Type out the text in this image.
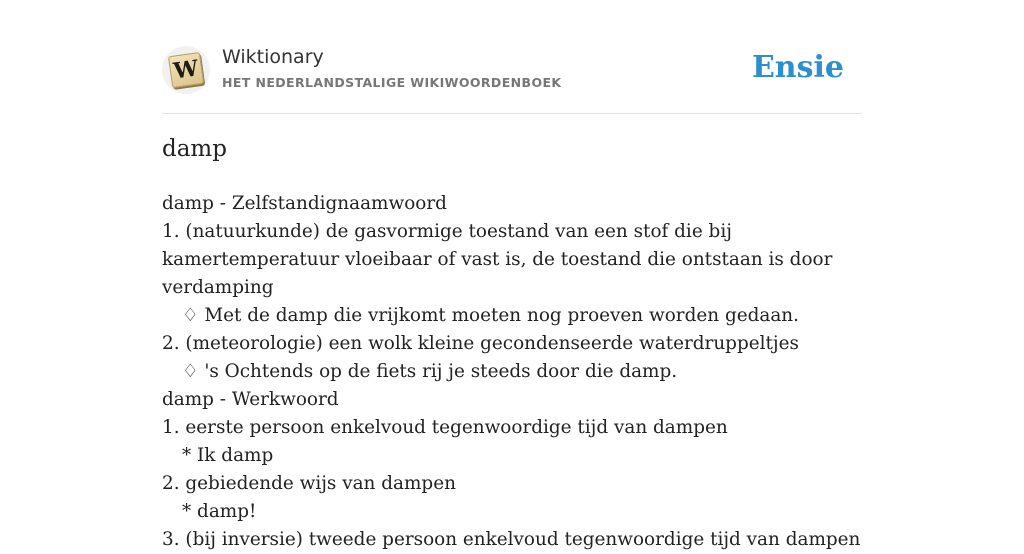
W Wiktionary
HET NEDERLANDSTALIGE WIKIWOORDENBOEK	Ensie
damp

damp - Zelfstandignaamwoord

1. (natuurkunde) de gasvormige toestand van een stof die bij kamertemperatuur vloeibaar of vast is, de toestand die ontstaan is door verdamping

♢ Met de damp die vrijkomt moeten nog proeven worden gedaan.

2. (meteorologie) een wolk kleine gecondenseerde waterdruppeltjes

♢ 's Ochtends op de fiets rij je steeds door die damp.

damp - Werkwoord

1. eerste persoon enkelvoud tegenwoordige tijd van dampen

* Ik damp

2. gebiedende wijs van dampen

* damp!

3. (bij inversie) tweede persoon enkelvoud tegenwoordige tijd van dampen
